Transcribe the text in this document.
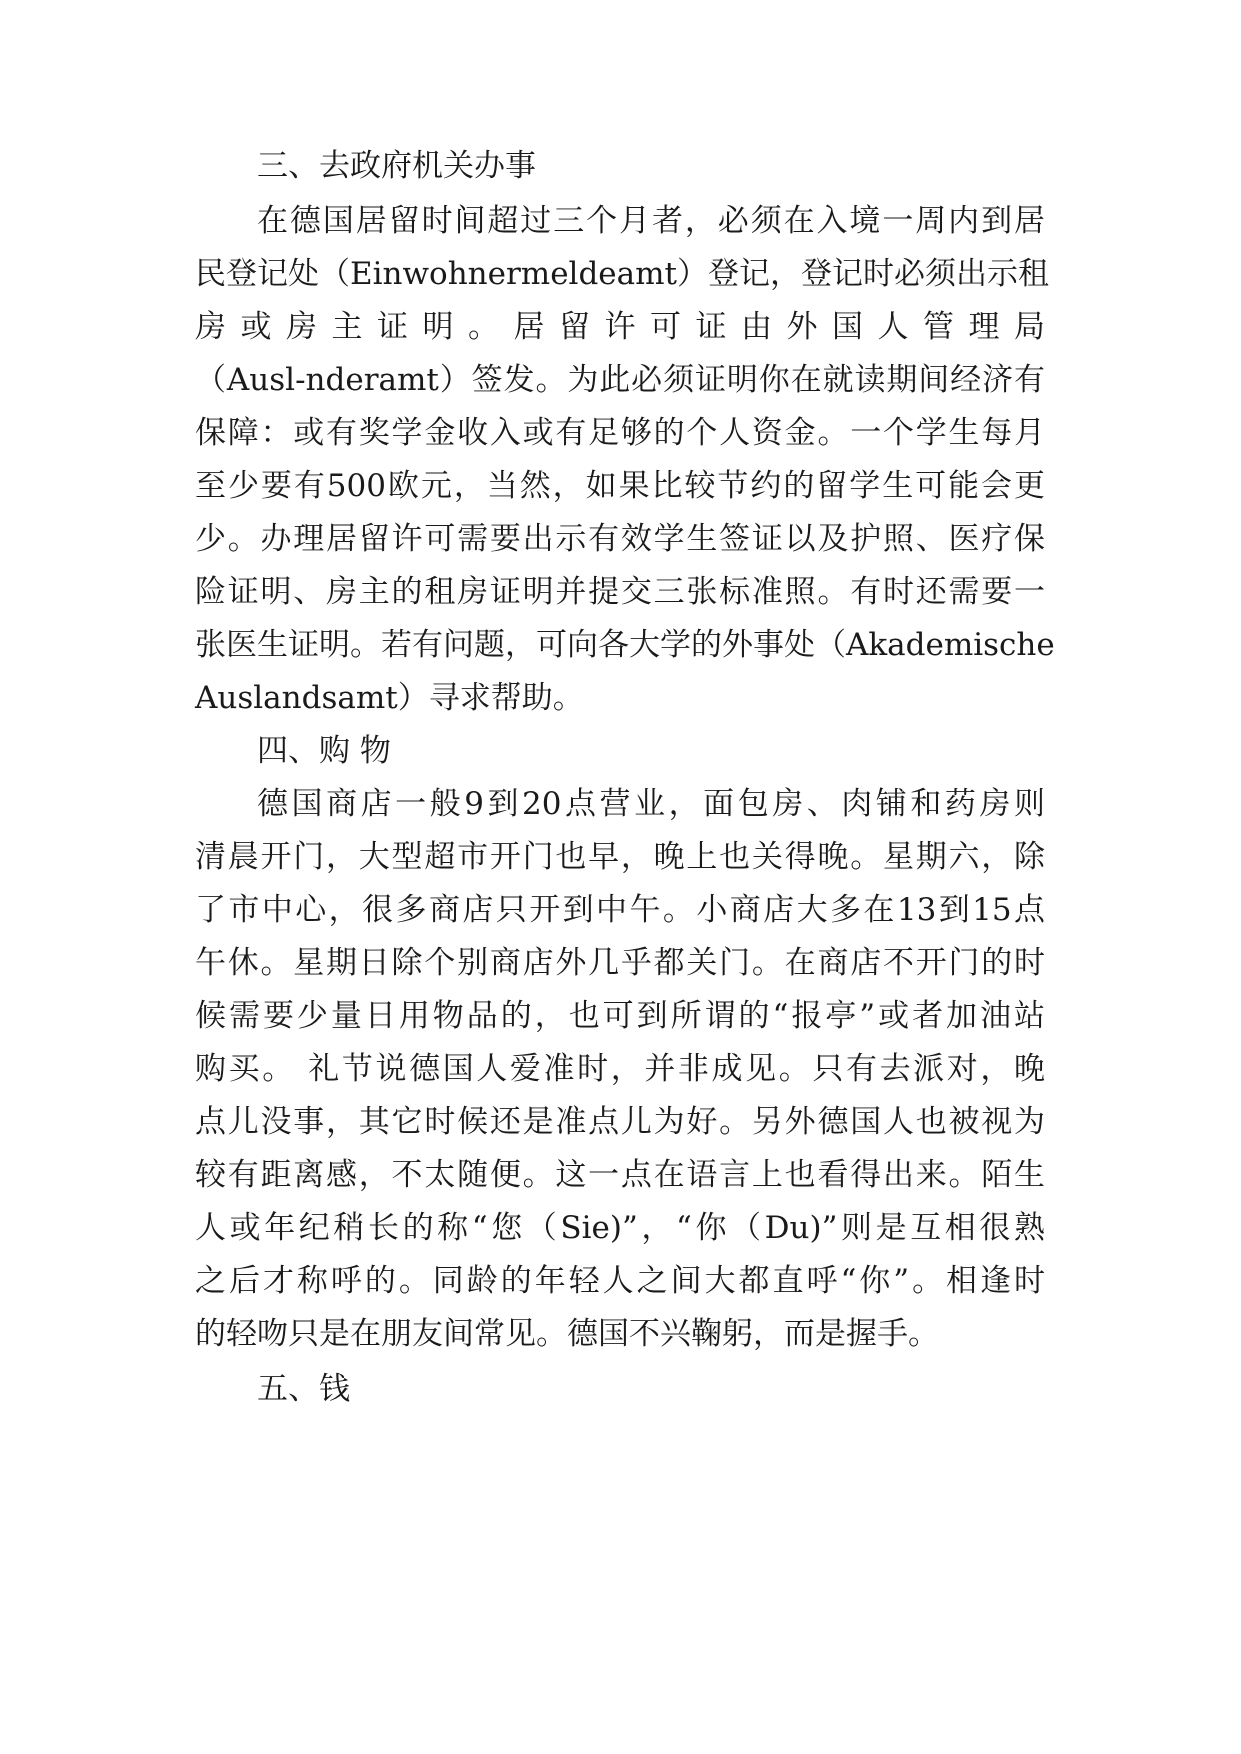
三、去政府机关办事
在德国居留时间超过三个月者，必须在入境一周内到居
民登记处（Einwohnermeldeamt）登记，登记时必须出示租
房 或 房 主 证 明 。 居 留 许 可 证 由 外 国 人 管 理 局
（Ausl-nderamt）签发。为此必须证明你在就读期间经济有
保障：或有奖学金收入或有足够的个人资金。一个学生每月
至少要有500欧元，当然，如果比较节约的留学生可能会更
少。办理居留许可需要出示有效学生签证以及护照、医疗保
险证明、房主的租房证明并提交三张标准照。有时还需要一
张医生证明。若有问题，可向各大学的外事处（Akademische
Auslandsamt）寻求帮助。
四、购 物
德国商店一般9到20点营业，面包房、肉铺和药房则
清晨开门，大型超市开门也早，晚上也关得晚。星期六，除
了市中心，很多商店只开到中午。小商店大多在13到15点
午休。星期日除个别商店外几乎都关门。在商店不开门的时
候需要少量日用物品的，也可到所谓的“报亭”或者加油站
购买。 礼节说德国人爱准时，并非成见。只有去派对，晚
点儿没事，其它时候还是准点儿为好。另外德国人也被视为
较有距离感，不太随便。这一点在语言上也看得出来。陌生
人或年纪稍长的称“您（Sie)”，“你（Du)”则是互相很熟
之后才称呼的。同龄的年轻人之间大都直呼“你”。相逢时
的轻吻只是在朋友间常见。德国不兴鞠躬，而是握手。
五、钱
